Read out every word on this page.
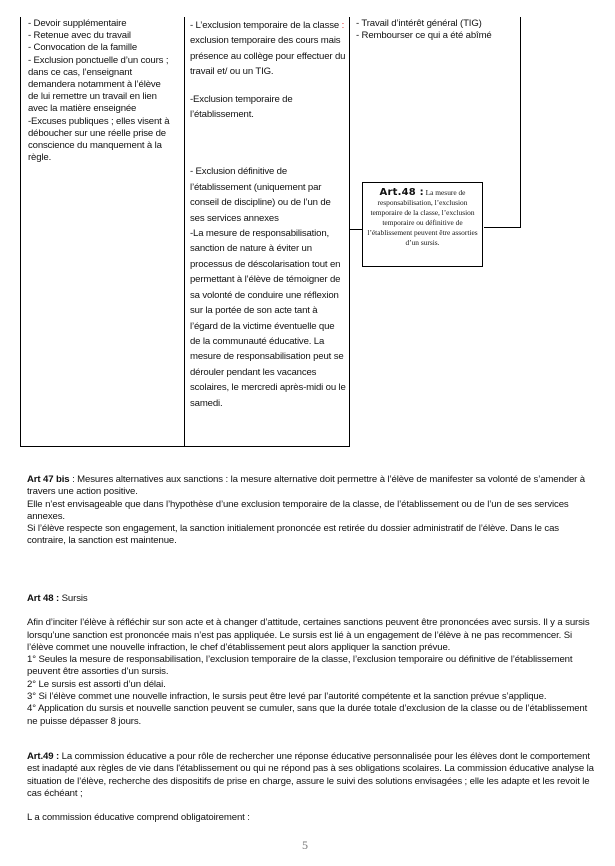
- Devoir supplémentaire

- Retenue avec du travail

- Convocation de la famille

- Exclusion ponctuelle d’un cours ;

dans ce cas, l’enseignant

demandera notamment à l’élève

de lui remettre un travail en lien

avec la matière enseignée

-Excuses publiques ; elles visent à

déboucher sur une réelle prise de

conscience du manquement à la

règle.

- L’exclusion temporaire de la classe : exclusion temporaire des cours mais présence au collège pour effectuer du travail et/ ou un TIG.

-Exclusion temporaire de l’établissement.

- Exclusion définitive de l’établissement (uniquement par conseil de discipline) ou de l’un de ses services annexes

-La mesure de responsabilisation, sanction de nature à éviter un processus de déscolarisation tout en permettant à l’élève de témoigner de sa volonté de conduire une réflexion sur la portée de son acte tant à l’égard de la victime éventuelle que de la communauté éducative. La mesure de responsabilisation peut se dérouler pendant les vacances scolaires, le mercredi après-midi ou le samedi.

- Travail d’intérêt général (TIG)

- Rembourser ce qui a été abîmé

Art.48 : La mesure de responsabilisation, l’exclusion temporaire de la classe, l’exclusion temporaire ou définitive de l’établissement peuvent être assorties d’un sursis.

Art 47 bis : Mesures alternatives aux sanctions : la mesure alternative doit permettre à l’élève de manifester sa volonté de s’amender à travers une action positive.

Elle n’est envisageable que dans l’hypothèse d’une exclusion temporaire de la classe, de l’établissement ou de l’un de ses services annexes.

Si l’élève respecte son engagement, la sanction initialement prononcée est retirée du dossier administratif de l’élève. Dans le cas contraire, la sanction est maintenue.

Art 48 : Sursis

Afin d’inciter l’élève à réfléchir sur son acte et à changer d’attitude, certaines sanctions peuvent être prononcées avec sursis. Il y a sursis lorsqu’une sanction est prononcée mais n’est pas appliquée. Le sursis est lié à un engagement de l’élève à ne pas recommencer. Si l’élève commet une nouvelle infraction, le chef d’établissement peut alors appliquer la sanction prévue.

1° Seules la mesure de responsabilisation, l’exclusion temporaire de la classe, l’exclusion temporaire ou définitive de l’établissement peuvent être assorties d’un sursis.

2° Le sursis est assorti d’un délai.

3° Si l’élève commet une nouvelle infraction, le sursis peut être levé par l’autorité compétente et la sanction prévue s’applique.

4° Application du sursis et nouvelle sanction peuvent se cumuler, sans que la durée totale d’exclusion de la classe ou de l’établissement ne puisse dépasser 8 jours.

Art.49 : La commission éducative a pour rôle de rechercher une réponse éducative personnalisée pour les élèves dont le comportement est inadapté aux règles de vie dans l'établissement ou qui ne répond pas à ses obligations scolaires. La commission éducative analyse la situation de l’élève, recherche des dispositifs de prise en charge, assure le suivi des solutions envisagées ; elle les adapte et les revoit le cas échéant ;

L a commission éducative comprend obligatoirement :

5
